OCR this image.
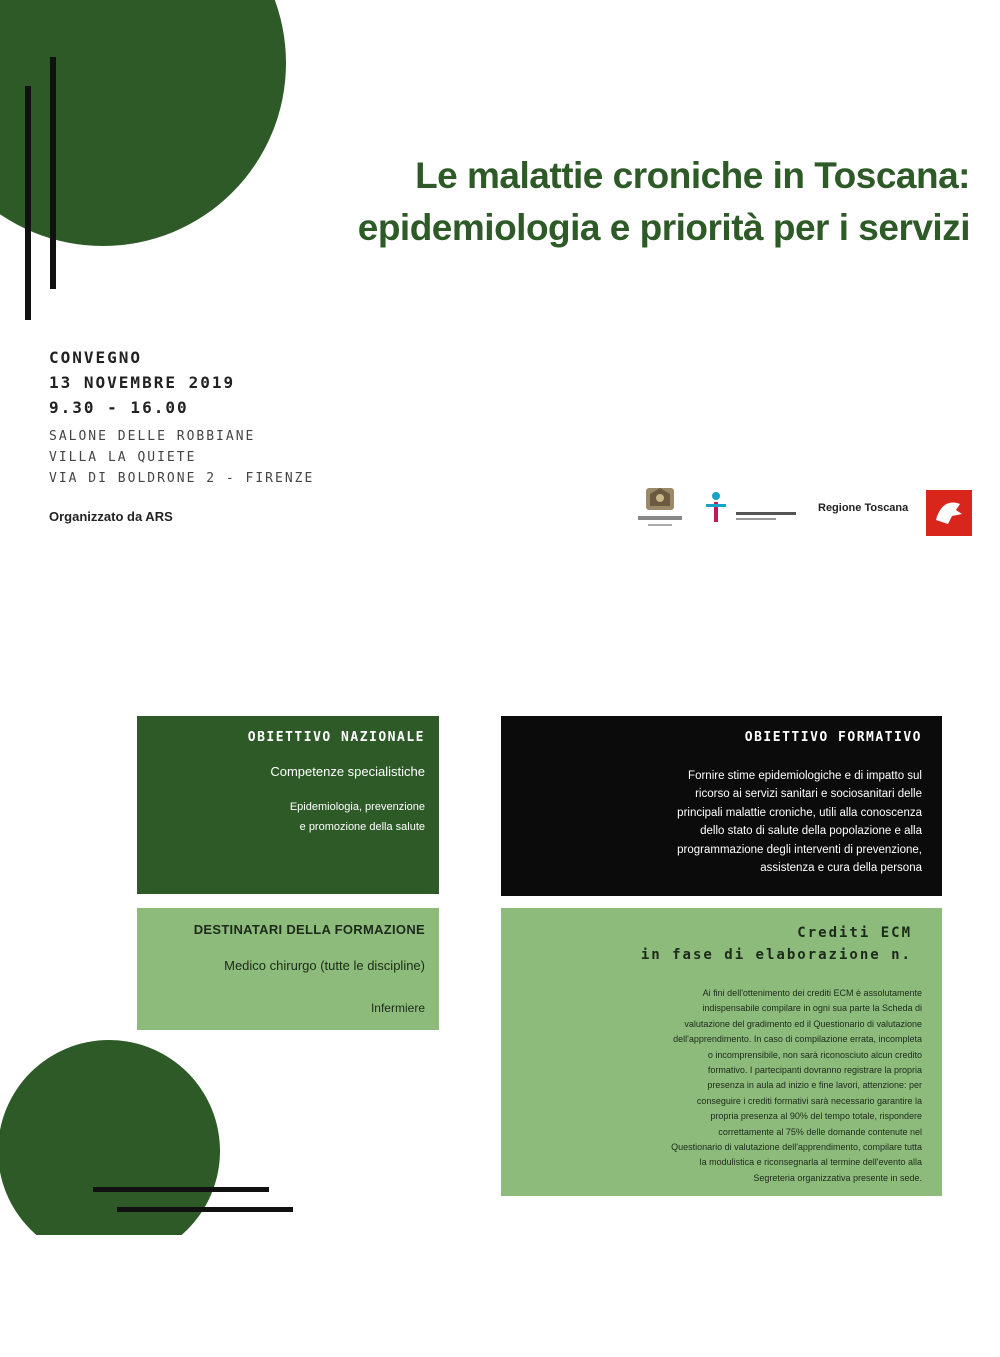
Le malattie croniche in Toscana:
epidemiologia e priorità per i servizi
CONVEGNO
13 NOVEMBRE 2019
9.30 - 16.00
SALONE DELLE ROBBIANE
VILLA LA QUIETE
VIA DI BOLDRONE 2 - FIRENZE
Organizzato da ARS
Regione Toscana
OBIETTIVO NAZIONALE
Competenze specialistiche
Epidemiologia, prevenzione
e promozione della salute
DESTINATARI DELLA FORMAZIONE
Medico chirurgo (tutte le discipline)
Infermiere
OBIETTIVO FORMATIVO
Fornire stime epidemiologiche e di impatto sul
ricorso ai servizi sanitari e sociosanitari delle
principali malattie croniche, utili alla conoscenza
dello stato di salute della popolazione e alla
programmazione degli interventi di prevenzione,
assistenza e cura della persona
Crediti ECM
in fase di elaborazione n.
Ai fini dell'ottenimento dei crediti ECM è assolutamente
indispensabile compilare in ogni sua parte la Scheda di
valutazione del gradimento ed il Questionario di valutazione
dell'apprendimento. In caso di compilazione errata, incompleta
o incomprensibile, non sarà riconosciuto alcun credito
formativo. I partecipanti dovranno registrare la propria
presenza in aula ad inizio e fine lavori, attenzione: per
conseguire i crediti formativi sarà necessario garantire la
propria presenza al 90% del tempo totale, rispondere
correttamente al 75% delle domande contenute nel
Questionario di valutazione dell'apprendimento, compilare tutta
la modulistica e riconsegnarla al termine dell'evento alla
Segreteria organizzativa presente in sede.
